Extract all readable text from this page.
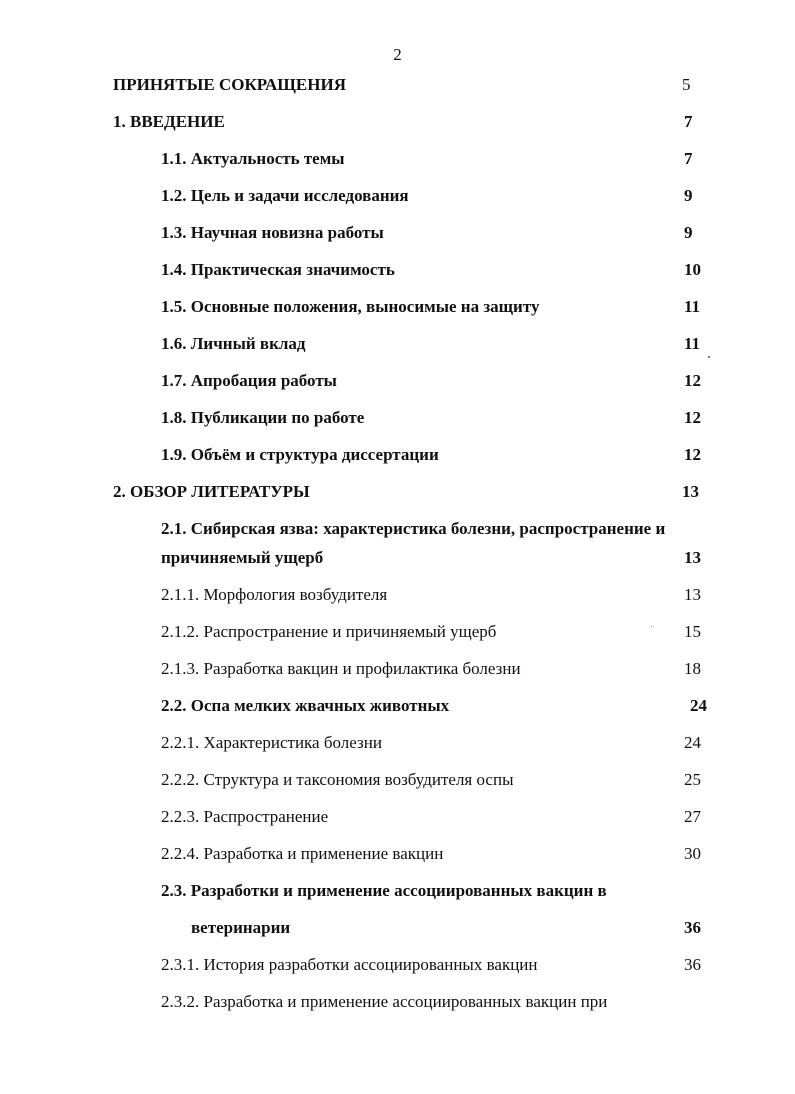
2
ПРИНЯТЫЕ СОКРАЩЕНИЯ	5
1. ВВЕДЕНИЕ	7
1.1. Актуальность темы	7
1.2. Цель и задачи исследования	9
1.3. Научная новизна работы	9
1.4. Практическая значимость	10
1.5. Основные положения, выносимые на защиту	11
1.6. Личный вклад	11
1.7. Апробация работы	12
1.8. Публикации по работе	12
1.9. Объём и структура диссертации	12
2. ОБЗОР ЛИТЕРАТУРЫ	13
2.1. Сибирская язва: характеристика болезни, распространение и
причиняемый ущерб	13
2.1.1. Морфология возбудителя	13
2.1.2. Распространение и причиняемый ущерб	15
2.1.3. Разработка вакцин и профилактика болезни	18
2.2. Оспа мелких жвачных животных	24
2.2.1. Характеристика болезни	24
2.2.2. Структура и таксономия возбудителя оспы	25
2.2.3. Распространение	27
2.2.4. Разработка и применение вакцин	30
2.3. Разработки и применение ассоциированных вакцин в
ветеринарии	36
2.3.1. История разработки ассоциированных вакцин	36
2.3.2. Разработка и применение ассоциированных вакцин при
